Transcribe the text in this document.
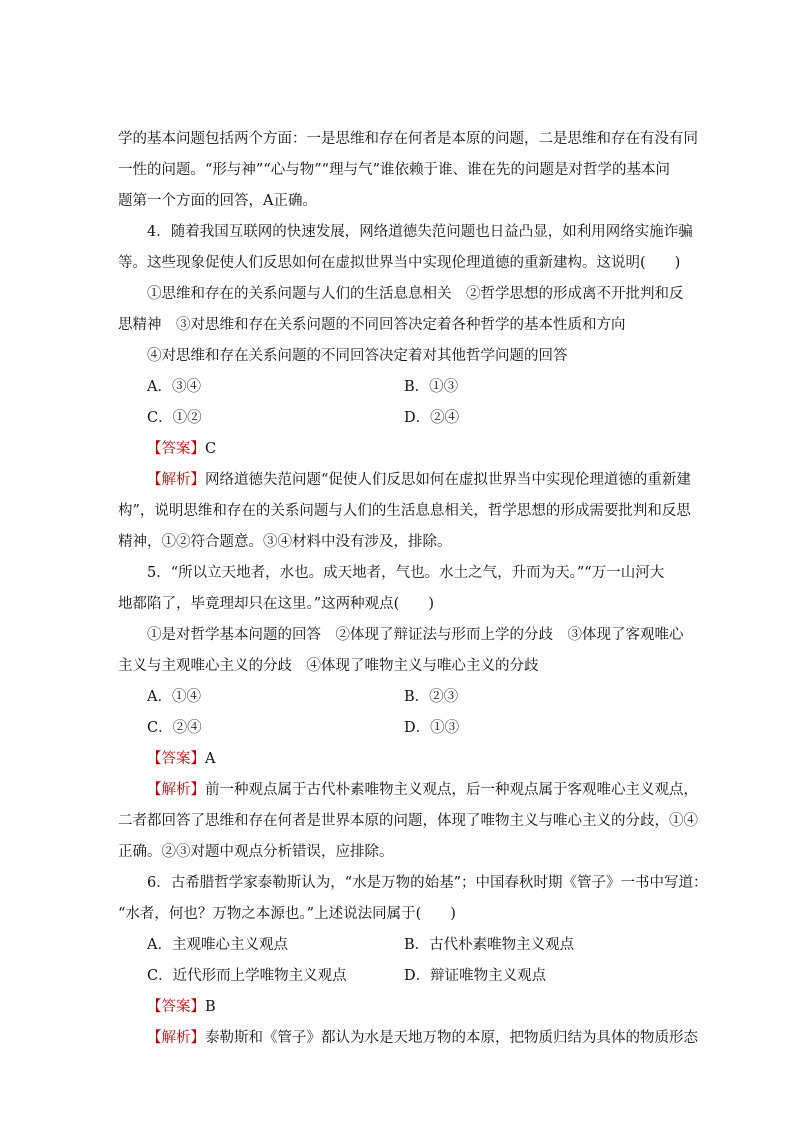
学的基本问题包括两个方面：一是思维和存在何者是本原的问题，二是思维和存在有没有同
一性的问题。“形与神”“心与物”“理与气”谁依赖于谁、谁在先的问题是对哲学的基本问
题第一个方面的回答，A正确。
4．随着我国互联网的快速发展，网络道德失范问题也日益凸显，如利用网络实施诈骗
等。这些现象促使人们反思如何在虚拟世界当中实现伦理道德的重新建构。这说明(　　)
①思维和存在的关系问题与人们的生活息息相关　②哲学思想的形成离不开批判和反
思精神　③对思维和存在关系问题的不同回答决定着各种哲学的基本性质和方向
④对思维和存在关系问题的不同回答决定着对其他哲学问题的回答
A．③④	B．①③
C．①②	D．②④
【答案】C
【解析】网络道德失范问题“促使人们反思如何在虚拟世界当中实现伦理道德的重新建
构”，说明思维和存在的关系问题与人们的生活息息相关，哲学思想的形成需要批判和反思
精神，①②符合题意。③④材料中没有涉及，排除。
5．“所以立天地者，水也。成天地者，气也。水土之气，升而为天。”“万一山河大
地都陷了，毕竟理却只在这里。”这两种观点(　　)
①是对哲学基本问题的回答　②体现了辩证法与形而上学的分歧　③体现了客观唯心
主义与主观唯心主义的分歧　④体现了唯物主义与唯心主义的分歧
A．①④	B．②③
C．②④	D．①③
【答案】A
【解析】前一种观点属于古代朴素唯物主义观点，后一种观点属于客观唯心主义观点，
二者都回答了思维和存在何者是世界本原的问题，体现了唯物主义与唯心主义的分歧，①④
正确。②③对题中观点分析错误，应排除。
6．古希腊哲学家泰勒斯认为，“水是万物的始基”；中国春秋时期《管子》一书中写道：
“水者，何也？万物之本源也。”上述说法同属于(　　)
A．主观唯心主义观点	B．古代朴素唯物主义观点
C．近代形而上学唯物主义观点	D．辩证唯物主义观点
【答案】B
【解析】泰勒斯和《管子》都认为水是天地万物的本原，把物质归结为具体的物质形态
